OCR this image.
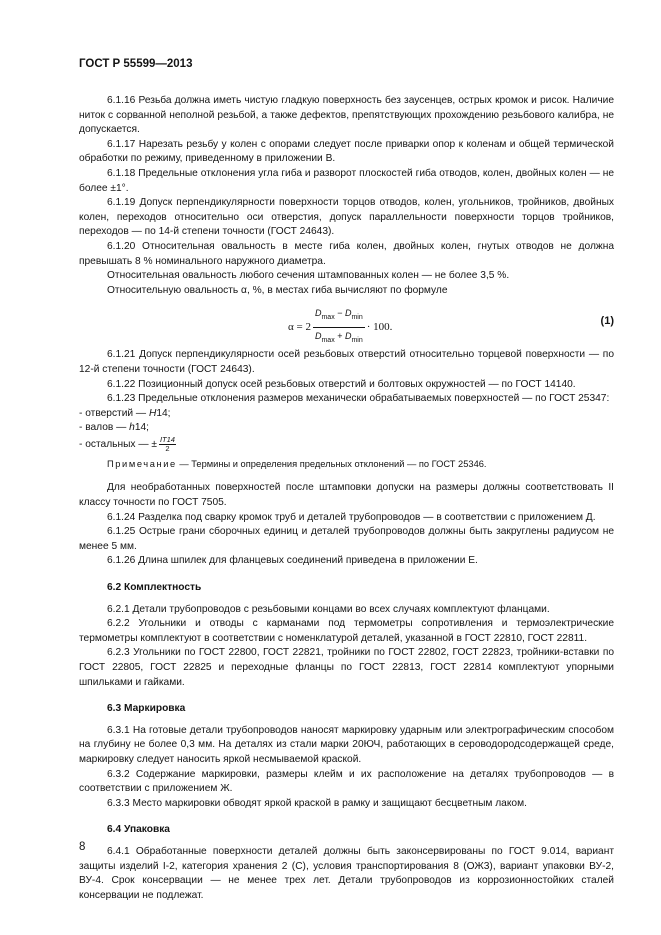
ГОСТ Р 55599—2013

6.1.16 Резьба должна иметь чистую гладкую поверхность без заусенцев, острых кромок и рисок. Наличие ниток с сорванной неполной резьбой, а также дефектов, препятствующих прохождению резьбового калибра, не допускается.

6.1.17 Нарезать резьбу у колен с опорами следует после приварки опор к коленам и общей термической обработки по режиму, приведенному в приложении В.

6.1.18 Предельные отклонения угла гиба и разворот плоскостей гиба отводов, колен, двойных колен — не более ±1°.

6.1.19 Допуск перпендикулярности поверхности торцов отводов, колен, угольников, тройников, двойных колен, переходов относительно оси отверстия, допуск параллельности поверхности торцов тройников, переходов — по 14-й степени точности (ГОСТ 24643).

6.1.20 Относительная овальность в месте гиба колен, двойных колен, гнутых отводов не должна превышать 8 % номинального наружного диаметра.

Относительная овальность любого сечения штампованных колен — не более 3,5 %.

Относительную овальность α, %, в местах гиба вычисляют по формуле

$\alpha = 2 \frac{D_{max} - D_{min}}{D_{max} + D_{min}} \cdot 100$.	(1)

6.1.21 Допуск перпендикулярности осей резьбовых отверстий относительно торцевой поверхности — по 12-й степени точности (ГОСТ 24643).

6.1.22 Позиционный допуск осей резьбовых отверстий и болтовых окружностей — по ГОСТ 14140.

6.1.23 Предельные отклонения размеров механически обрабатываемых поверхностей — по ГОСТ 25347:

- отверстий — H14;

- валов — h14;

- остальных — ± $\frac{IT14}{2}$

Примечание — Термины и определения предельных отклонений — по ГОСТ 25346.

Для необработанных поверхностей после штамповки допуски на размеры должны соответствовать II классу точности по ГОСТ 7505.

6.1.24 Разделка под сварку кромок труб и деталей трубопроводов — в соответствии с приложением Д.

6.1.25 Острые грани сборочных единиц и деталей трубопроводов должны быть закруглены радиусом не менее 5 мм.

6.1.26 Длина шпилек для фланцевых соединений приведена в приложении Е.

6.2 Комплектность

6.2.1 Детали трубопроводов с резьбовыми концами во всех случаях комплектуют фланцами.

6.2.2 Угольники и отводы с карманами под термометры сопротивления и термоэлектрические термометры комплектуют в соответствии с номенклатурой деталей, указанной в ГОСТ 22810, ГОСТ 22811.

6.2.3 Угольники по ГОСТ 22800, ГОСТ 22821, тройники по ГОСТ 22802, ГОСТ 22823, тройники-вставки по ГОСТ 22805, ГОСТ 22825 и переходные фланцы по ГОСТ 22813, ГОСТ 22814 комплектуют упорными шпильками и гайками.

6.3 Маркировка

6.3.1 На готовые детали трубопроводов наносят маркировку ударным или электрографическим способом на глубину не более 0,3 мм. На деталях из стали марки 20ЮЧ, работающих в сероводородсодержащей среде, маркировку следует наносить яркой несмываемой краской.

6.3.2 Содержание маркировки, размеры клейм и их расположение на деталях трубопроводов — в соответствии с приложением Ж.

6.3.3 Место маркировки обводят яркой краской в рамку и защищают бесцветным лаком.

6.4 Упаковка

6.4.1 Обработанные поверхности деталей должны быть законсервированы по ГОСТ 9.014, вариант защиты изделий I-2, категория хранения 2 (С), условия транспортирования 8 (ОЖ3), вариант упаковки ВУ-2, ВУ-4. Срок консервации — не менее трех лет. Детали трубопроводов из коррозионностойких сталей консервации не подлежат.

8
